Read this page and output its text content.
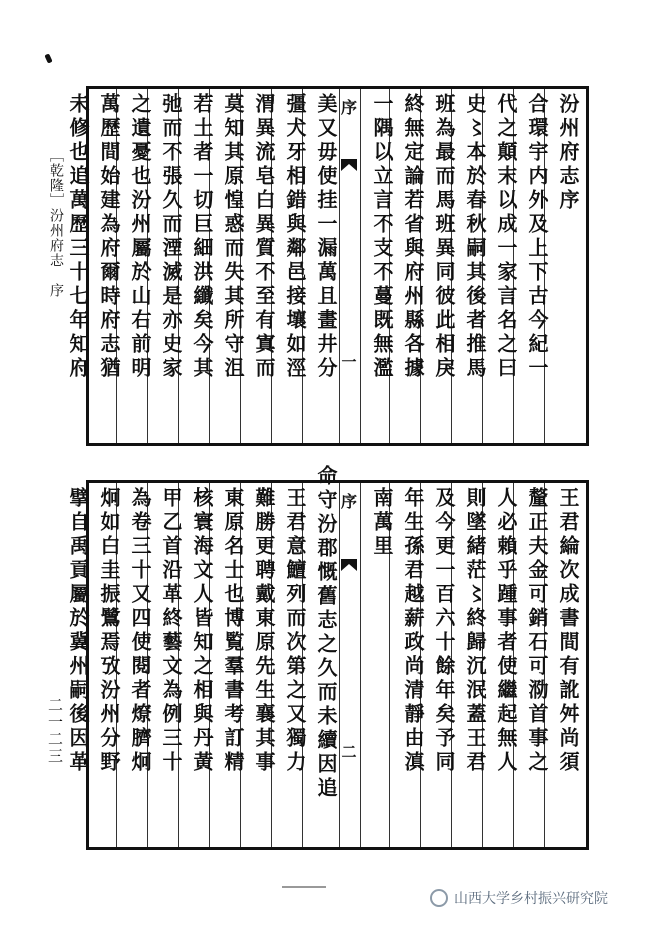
［乾隆］汾州府志　序
二一二三
序
一
汾州府志序
合環宇内外及上下古今紀一
代之顛末以成一家言名之曰
史〻本於春秋嗣其後者推馬
班為最而馬班異同彼此相戾
終無定論若省與府州縣各據
一隅以立言不支不蔓既無濫
美又毋使挂一漏萬且畫井分
彊犬牙相錯與鄰邑接壤如涇
渭異流皂白異質不至有寘而
莫知其原惶惑而失其所守沮
若土者一切巨細洪纖矣今其
弛而不張久而湮滅是亦史家
之遺憂也汾州屬於山右前明
萬歷間始建為府爾時府志猶
未修也追萬歷三十七年知府
序
二	王君綸次成書間有訛舛尚須
釐正夫金可銷石可泐首事之
人必賴乎踵事者使繼起無人
則墜緒茫〻終歸沉泯蓋王君
及今更一百六十餘年矣予同
年生孫君越薪政尚清靜由滇
南萬里
命守汾郡慨舊志之久而未續因追
王君意鱣列而次第之又獨力
難勝更聘戴東原先生襄其事
東原名士也博覧羣書考訂精
核寰海文人皆知之相與丹黃
甲乙首沿革終藝文為例三十
為卷三十又四使閱者燎臍炯
炯如白圭振鷺焉攷汾州分野
擘自禹貢屬於冀州嗣後因革
山西大学乡村振兴研究院
